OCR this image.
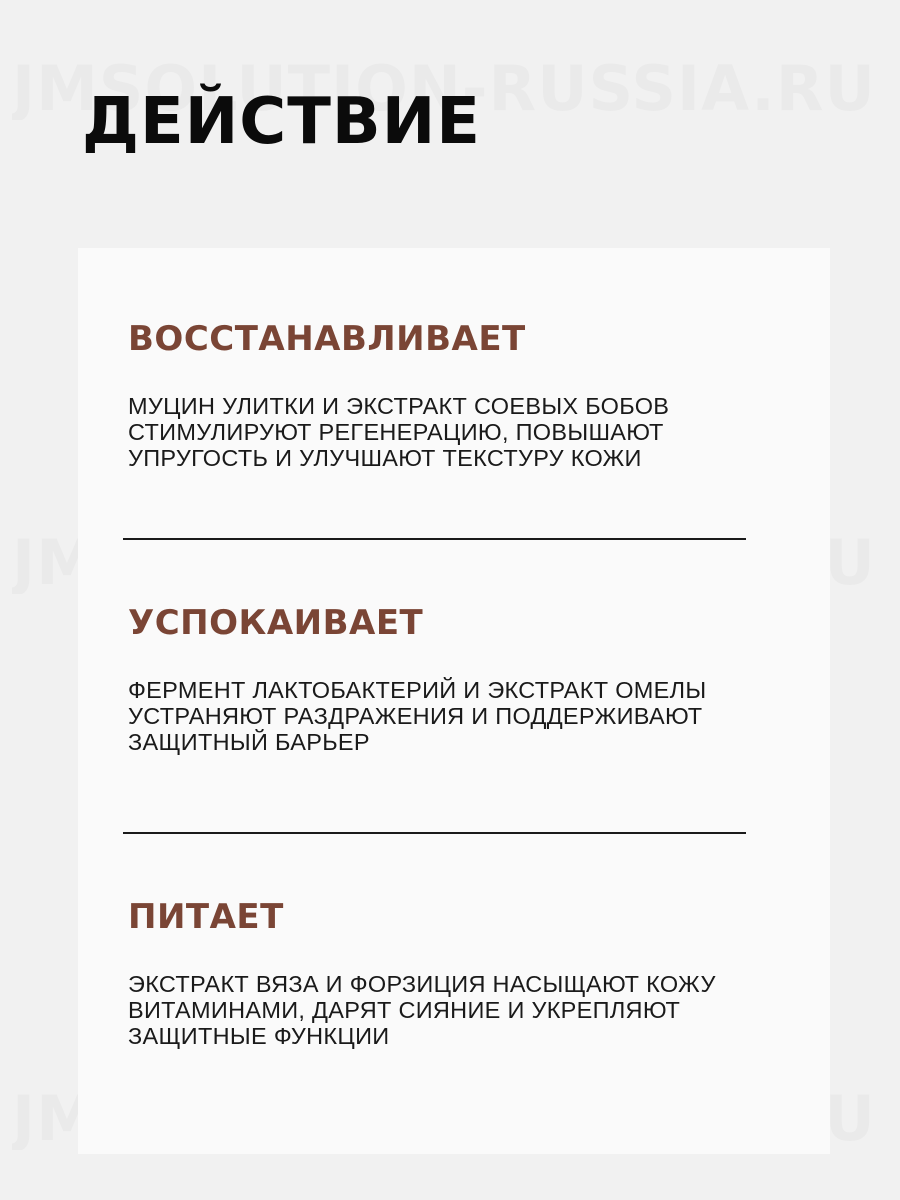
ДЕЙСТВИЕ
ВОССТАНАВЛИВАЕТ

МУЦИН УЛИТКИ И ЭКСТРАКТ СОЕВЫХ БОБОВ СТИМУЛИРУЮТ РЕГЕНЕРАЦИЮ, ПОВЫШАЮТ УПРУГОСТЬ И УЛУЧШАЮТ ТЕКСТУРУ КОЖИ

УСПОКАИВАЕТ

ФЕРМЕНТ ЛАКТОБАКТЕРИЙ И ЭКСТРАКТ ОМЕЛЫ УСТРАНЯЮТ РАЗДРАЖЕНИЯ И ПОДДЕРЖИВАЮТ ЗАЩИТНЫЙ БАРЬЕР

ПИТАЕТ

ЭКСТРАКТ ВЯЗА И ФОРЗИЦИЯ НАСЫЩАЮТ КОЖУ ВИТАМИНАМИ, ДАРЯТ СИЯНИЕ И УКРЕПЛЯЮТ ЗАЩИТНЫЕ ФУНКЦИИ
